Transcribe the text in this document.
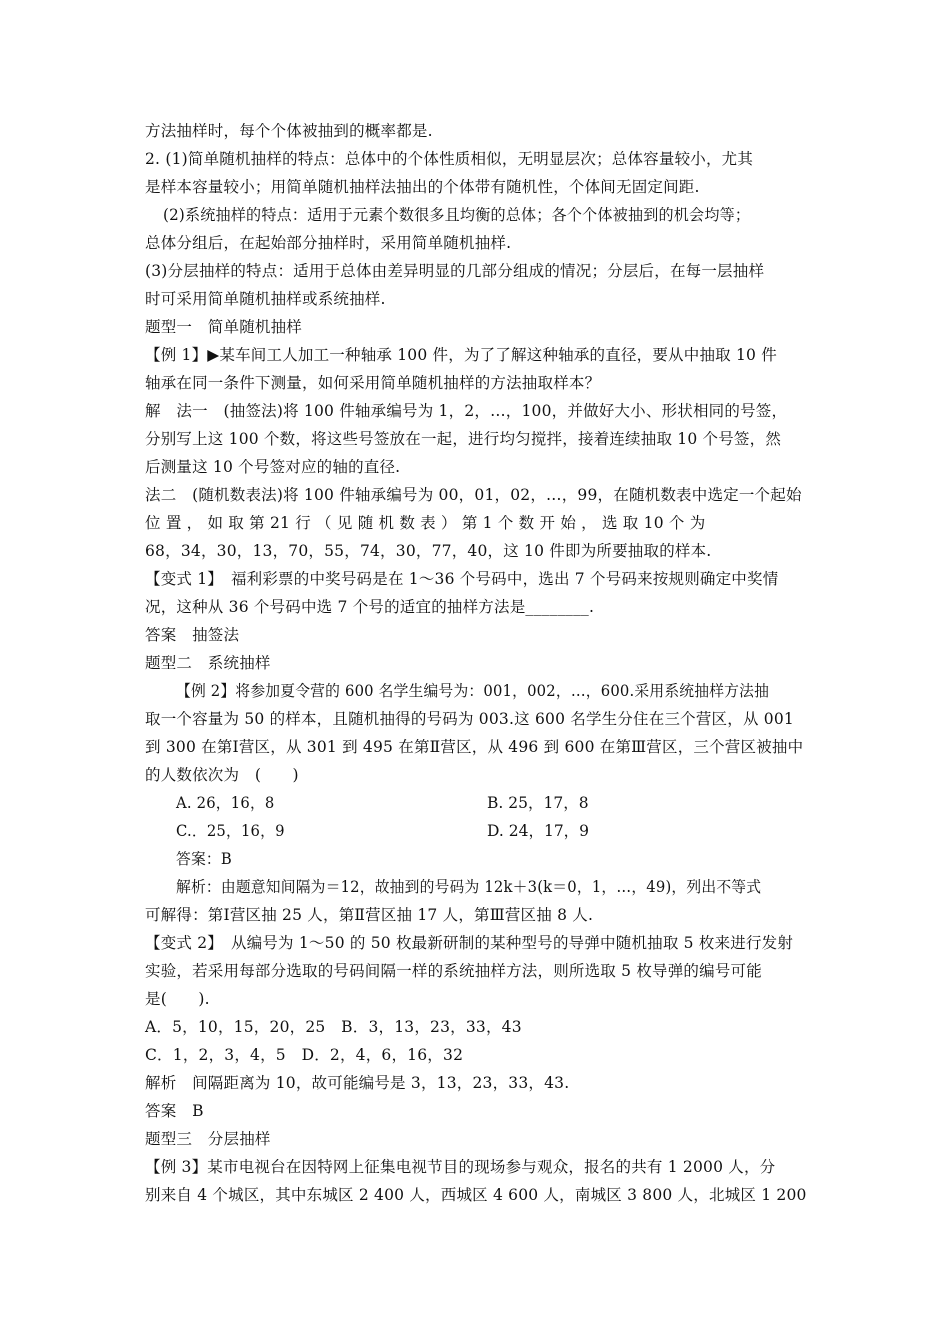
方法抽样时，每个个体被抽到的概率都是.
2. (1)简单随机抽样的特点：总体中的个体性质相似，无明显层次；总体容量较小，尤其
是样本容量较小；用简单随机抽样法抽出的个体带有随机性，个体间无固定间距.
(2)系统抽样的特点：适用于元素个数很多且均衡的总体；各个个体被抽到的机会均等；
总体分组后，在起始部分抽样时，采用简单随机抽样.
(3)分层抽样的特点：适用于总体由差异明显的几部分组成的情况；分层后，在每一层抽样
时可采用简单随机抽样或系统抽样.
题型一　简单随机抽样
【例 1】▶某车间工人加工一种轴承 100 件，为了了解这种轴承的直径，要从中抽取 10 件
轴承在同一条件下测量，如何采用简单随机抽样的方法抽取样本？
解　法一　(抽签法)将 100 件轴承编号为 1，2，…，100，并做好大小、形状相同的号签，
分别写上这 100 个数，将这些号签放在一起，进行均匀搅拌，接着连续抽取 10 个号签，然
后测量这 10 个号签对应的轴的直径.
法二　(随机数表法)将 100 件轴承编号为 00，01，02，…，99，在随机数表中选定一个起始
位 置 ， 如 取 第 21 行 （ 见 随 机 数 表 ） 第 1 个 数 开 始 ， 选 取 10 个 为
68，34，30，13，70，55，74，30，77，40，这 10 件即为所要抽取的样本.
【变式 1】　福利彩票的中奖号码是在 1～36 个号码中，选出 7 个号码来按规则确定中奖情
况，这种从 36 个号码中选 7 个号的适宜的抽样方法是________.
答案　抽签法
题型二　系统抽样
【例 2】将参加夏令营的 600 名学生编号为：001，002，…，600.采用系统抽样方法抽
取一个容量为 50 的样本，且随机抽得的号码为 003.这 600 名学生分住在三个营区，从 001
到 300 在第Ⅰ营区，从 301 到 495 在第Ⅱ营区，从 496 到 600 在第Ⅲ营区，三个营区被抽中
的人数依次为　(　　)
A. 26，16，8	B. 25，17，8
C.．25，16，9	D. 24，17，9
答案：B
解析：由题意知间隔为＝12，故抽到的号码为 12k＋3(k＝0，1，…，49)，列出不等式
可解得：第Ⅰ营区抽 25 人，第Ⅱ营区抽 17 人，第Ⅲ营区抽 8 人.
【变式 2】　从编号为 1～50 的 50 枚最新研制的某种型号的导弹中随机抽取 5 枚来进行发射
实验，若采用每部分选取的号码间隔一样的系统抽样方法，则所选取 5 枚导弹的编号可能
是(　　).
A．5，10，15，20，25　B．3，13，23，33，43
C．1，2，3，4，5　D．2，4，6，16，32
解析　间隔距离为 10，故可能编号是 3，13，23，33，43.
答案　B
题型三　分层抽样
【例 3】某市电视台在因特网上征集电视节目的现场参与观众，报名的共有 1 2000 人，分
别来自 4 个城区，其中东城区 2 400 人，西城区 4 600 人，南城区 3 800 人，北城区 1 200
